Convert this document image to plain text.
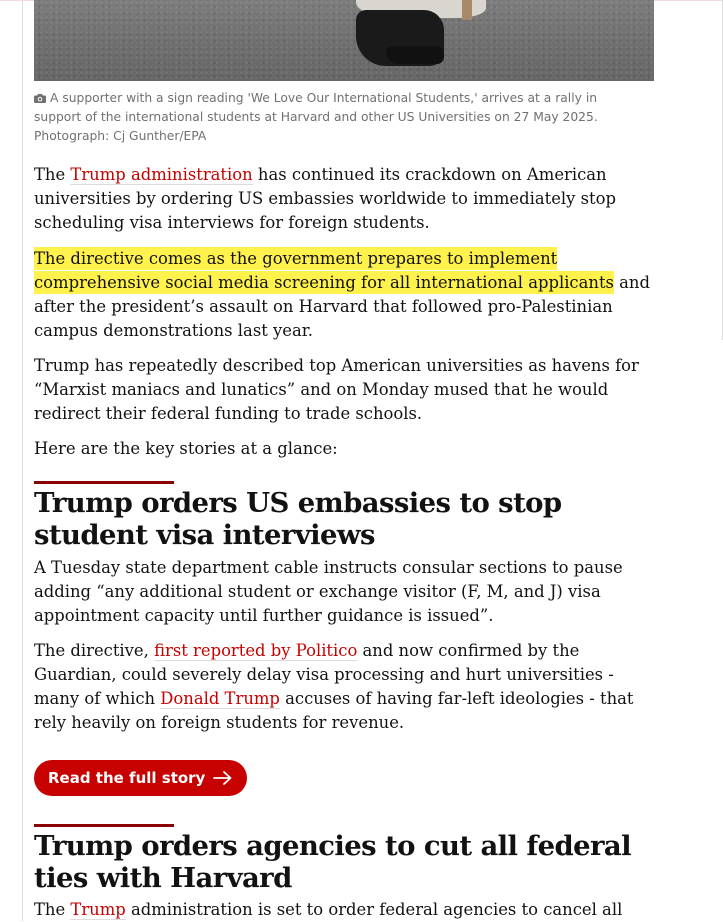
A supporter with a sign reading 'We Love Our International Students,' arrives at a rally in support of the international students at Harvard and other US Universities on 27 May 2025. Photograph: Cj Gunther/EPA

The Trump administration has continued its crackdown on American universities by ordering US embassies worldwide to immediately stop scheduling visa interviews for foreign students.

The directive comes as the government prepares to implement comprehensive social media screening for all international applicants and after the president’s assault on Harvard that followed pro-Palestinian campus demonstrations last year.

Trump has repeatedly described top American universities as havens for “Marxist maniacs and lunatics” and on Monday mused that he would redirect their federal funding to trade schools.

Here are the key stories at a glance:

Trump orders US embassies to stop student visa interviews

A Tuesday state department cable instructs consular sections to pause adding “any additional student or exchange visitor (F, M, and J) visa appointment capacity until further guidance is issued”.

The directive, first reported by Politico and now confirmed by the Guardian, could severely delay visa processing and hurt universities - many of which Donald Trump accuses of having far-left ideologies - that rely heavily on foreign students for revenue.

Read the full story
Trump orders agencies to cut all federal ties with Harvard

The Trump administration is set to order federal agencies to cancel all
